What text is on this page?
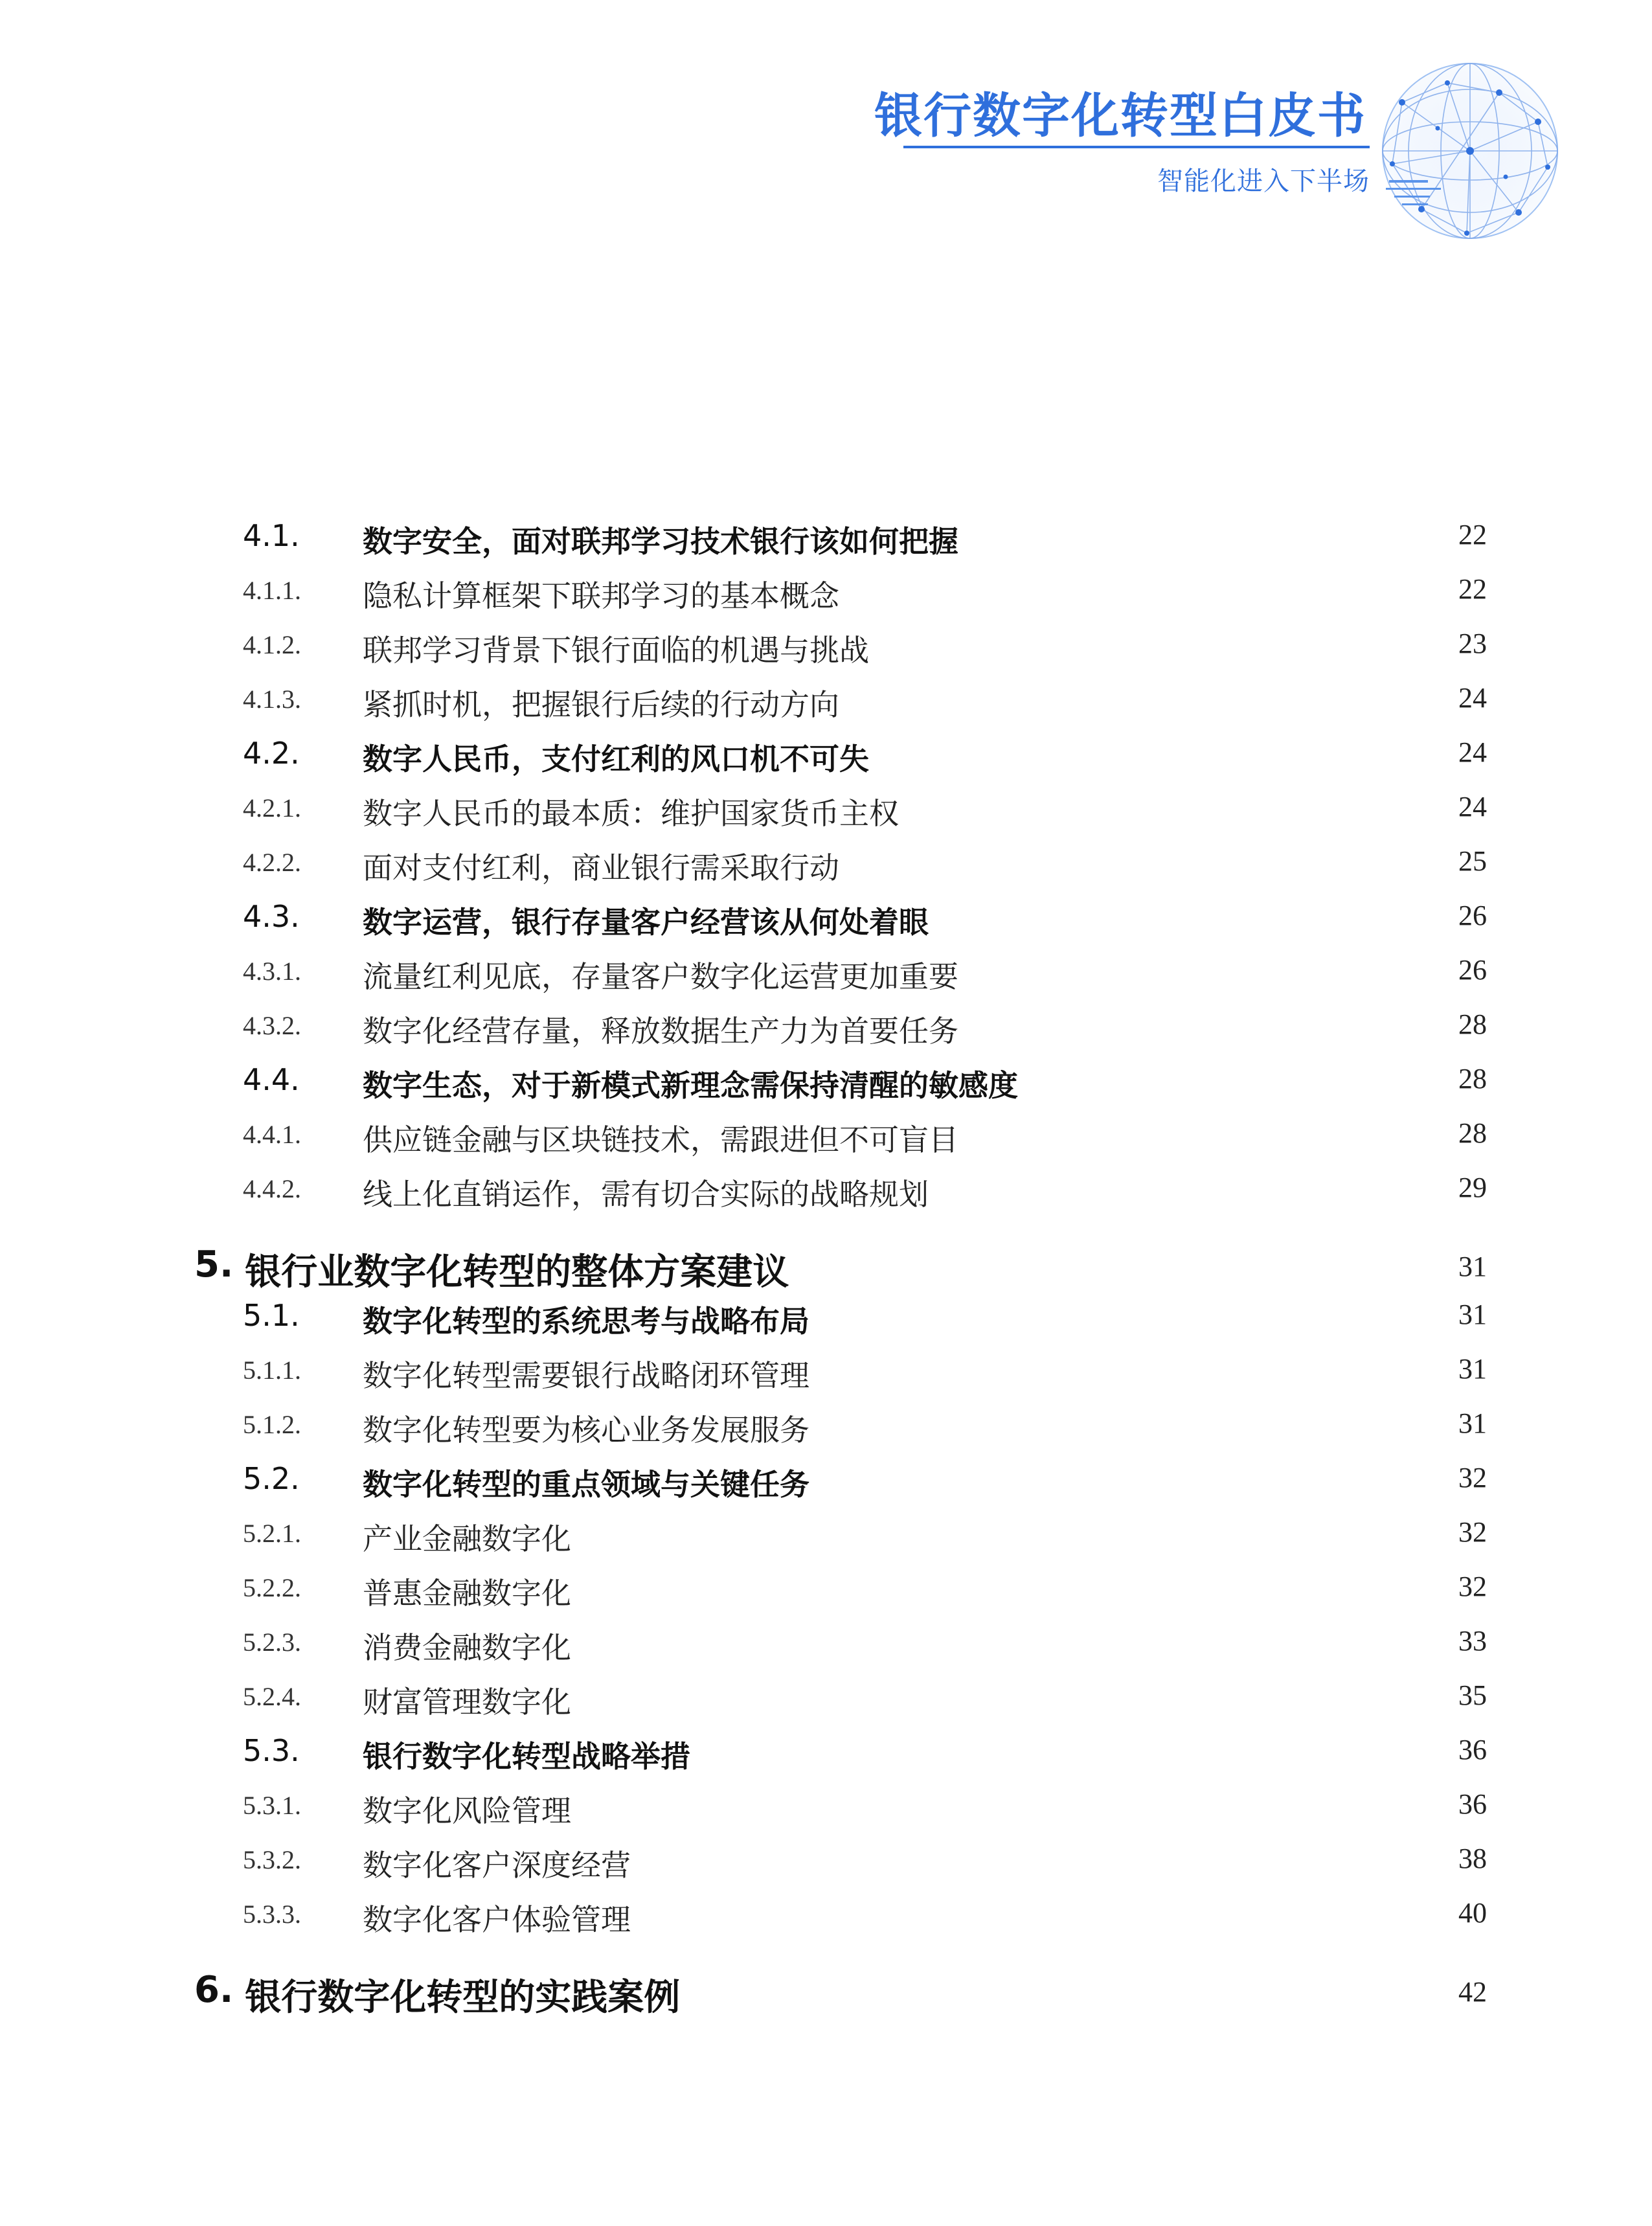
银行数字化转型白皮书
智能化进入下半场
4.1. 数字安全，面对联邦学习技术银行该如何把握	22
4.1.1. 隐私计算框架下联邦学习的基本概念	22
4.1.2. 联邦学习背景下银行面临的机遇与挑战	23
4.1.3. 紧抓时机，把握银行后续的行动方向	24
4.2. 数字人民币，支付红利的风口机不可失	24
4.2.1. 数字人民币的最本质：维护国家货币主权	24
4.2.2. 面对支付红利，商业银行需采取行动	25
4.3. 数字运营，银行存量客户经营该从何处着眼	26
4.3.1. 流量红利见底，存量客户数字化运营更加重要	26
4.3.2. 数字化经营存量，释放数据生产力为首要任务	28
4.4. 数字生态，对于新模式新理念需保持清醒的敏感度	28
4.4.1. 供应链金融与区块链技术，需跟进但不可盲目	28
4.4.2. 线上化直销运作，需有切合实际的战略规划	29
5. 银行业数字化转型的整体方案建议	31
5.1. 数字化转型的系统思考与战略布局	31
5.1.1. 数字化转型需要银行战略闭环管理	31
5.1.2. 数字化转型要为核心业务发展服务	31
5.2. 数字化转型的重点领域与关键任务	32
5.2.1. 产业金融数字化	32
5.2.2. 普惠金融数字化	32
5.2.3. 消费金融数字化	33
5.2.4. 财富管理数字化	35
5.3. 银行数字化转型战略举措	36
5.3.1. 数字化风险管理	36
5.3.2. 数字化客户深度经营	38
5.3.3. 数字化客户体验管理	40
6. 银行数字化转型的实践案例	42
